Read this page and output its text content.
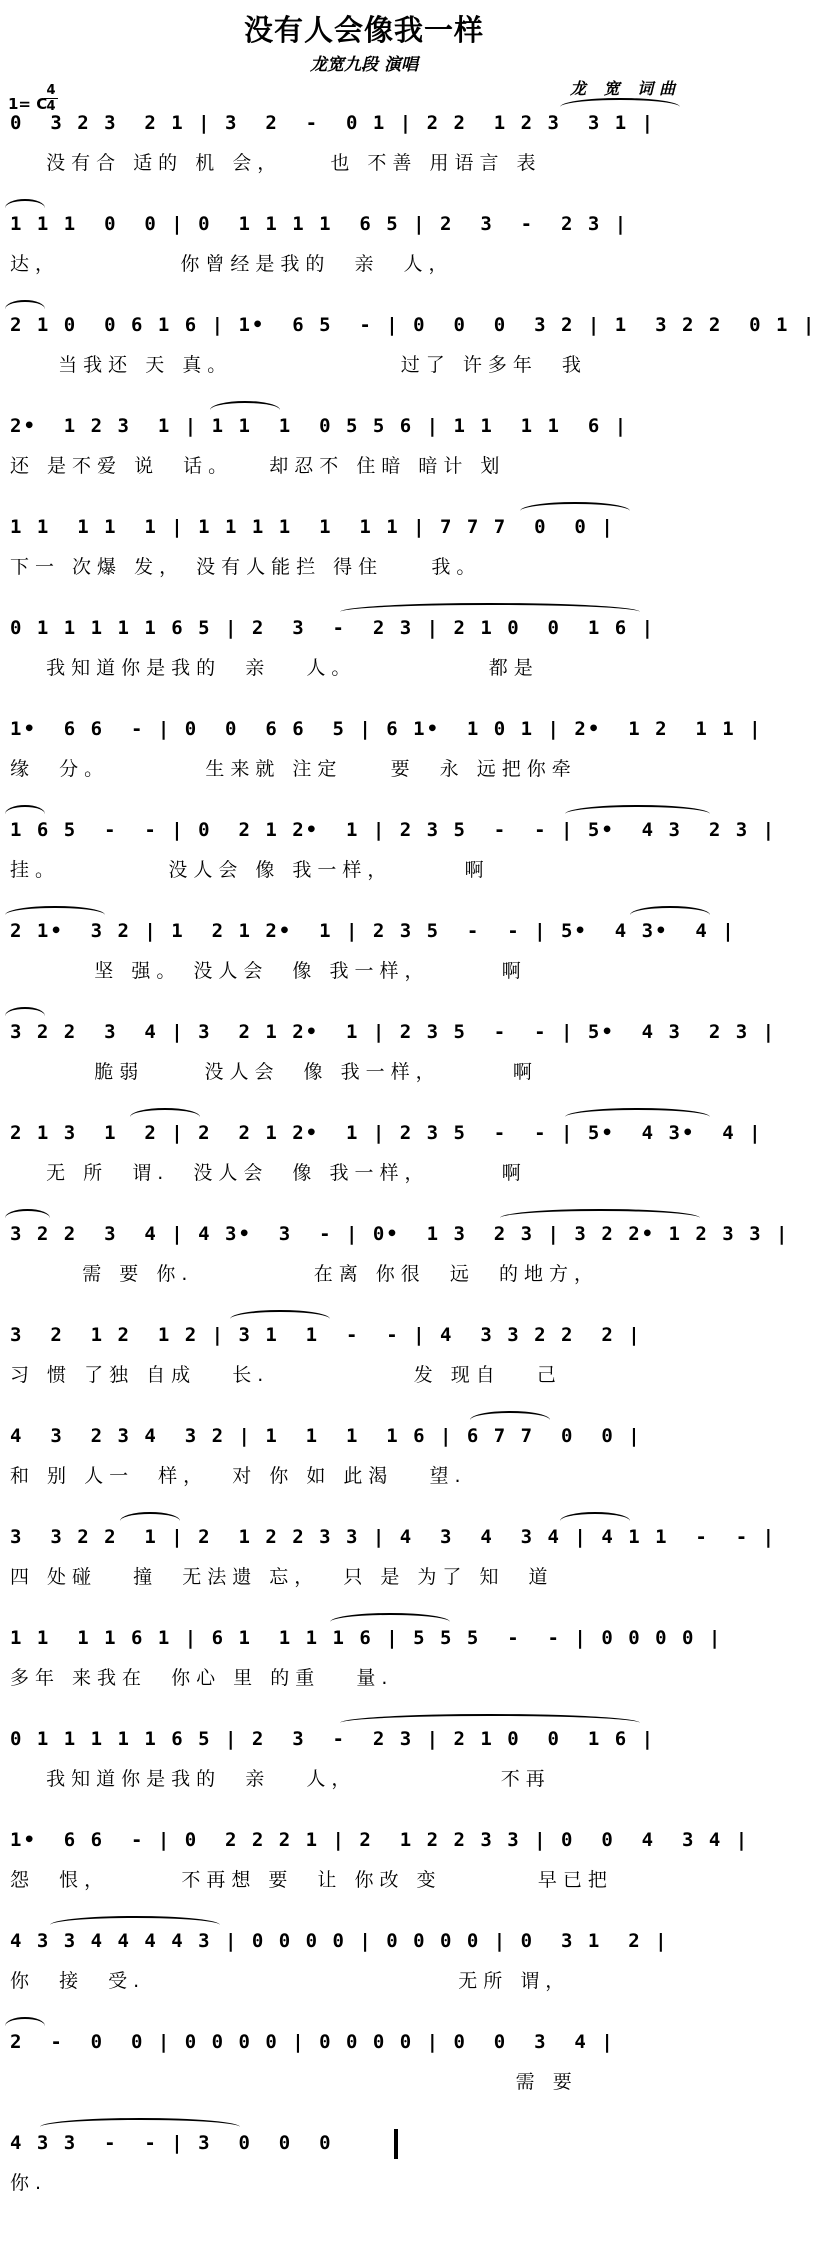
没有人会像我一样
龙宽九段 演唱
1= C
4
4
龙 宽 词曲
0  3 2 3  2 1 | 3  2  -  0 1 | 2 2  1 2 3  3 1 |
没有合 适的 机 会，    也 不善 用语言 表
1 1 1  0  0 | 0  1 1 1 1  6 5 | 2  3  -  2 3 |
达，          你曾经是我的  亲  人，
2 1 0  0 6 1 6 | 1•  6 5  - | 0  0  0  3 2 | 1  3 2 2  0 1 |
当我还 天 真。              过了 许多年  我
2•  1 2 3  1 | 1 1  1  0 5 5 6 | 1 1  1 1  6 |
还 是不爱 说  话。   却忍不 住暗 暗计 划
1 1  1 1  1 | 1 1 1 1  1  1 1 | 7 7 7  0  0 |
下一 次爆 发， 没有人能拦 得住    我。
0 1 1 1 1 1 6 5 | 2  3  -  2 3 | 2 1 0  0  1 6 |
我知道你是我的  亲   人。           都是
1•  6 6  - | 0  0  6 6  5 | 6 1•  1 0 1 | 2•  1 2  1 1 |
缘  分。        生来就 注定    要  永 远把你牵
1 6 5  -  - | 0  2 1 2•  1 | 2 3 5  -  - | 5•  4 3  2 3 |
挂。         没人会 像 我一样，      啊
2 1•  3 2 | 1  2 1 2•  1 | 2 3 5  -  - | 5•  4 3•  4 |
坚 强。 没人会  像 我一样，      啊
3 2 2  3  4 | 3  2 1 2•  1 | 2 3 5  -  - | 5•  4 3  2 3 |
脆弱     没人会  像 我一样，      啊
2 1 3  1  2 | 2  2 1 2•  1 | 2 3 5  -  - | 5•  4 3•  4 |
无 所  谓.  没人会  像 我一样，      啊
3 2 2  3  4 | 4 3•  3  - | 0•  1 3  2 3 | 3 2 2• 1 2 3 3 |
需 要 你.          在离 你很  远  的地方，
3  2  1 2  1 2 | 3 1  1  -  - | 4  3 3 2 2  2 |
习 惯 了独 自成   长.            发 现自   己
4  3  2 3 4  3 2 | 1  1  1  1 6 | 6 7 7  0  0 |
和 别 人一  样，  对 你 如 此渴   望.
3  3 2 2  1 | 2  1 2 2 3 3 | 4  3  4  3 4 | 4 1 1  -  - |
四 处碰   撞  无法遗 忘，  只 是 为了 知  道
1 1  1 1 6 1 | 6 1  1 1 1 6 | 5 5 5  -  - | 0 0 0 0 |
多年 来我在  你心 里 的重   量.
0 1 1 1 1 1 6 5 | 2  3  -  2 3 | 2 1 0  0  1 6 |
我知道你是我的  亲   人，            不再
1•  6 6  - | 0  2 2 2 1 | 2  1 2 2 3 3 | 0  0  4  3 4 |
怨  恨，      不再想 要  让 你改 变        早已把
4 3 3 4 4 4 4 3 | 0 0 0 0 | 0 0 0 0 | 0  3 1  2 |
你  接  受.                          无所 谓，
2  -  0  0 | 0 0 0 0 | 0 0 0 0 | 0  0  3  4 |
需 要
4 3 3  -  - | 3  0  0  0
你.
